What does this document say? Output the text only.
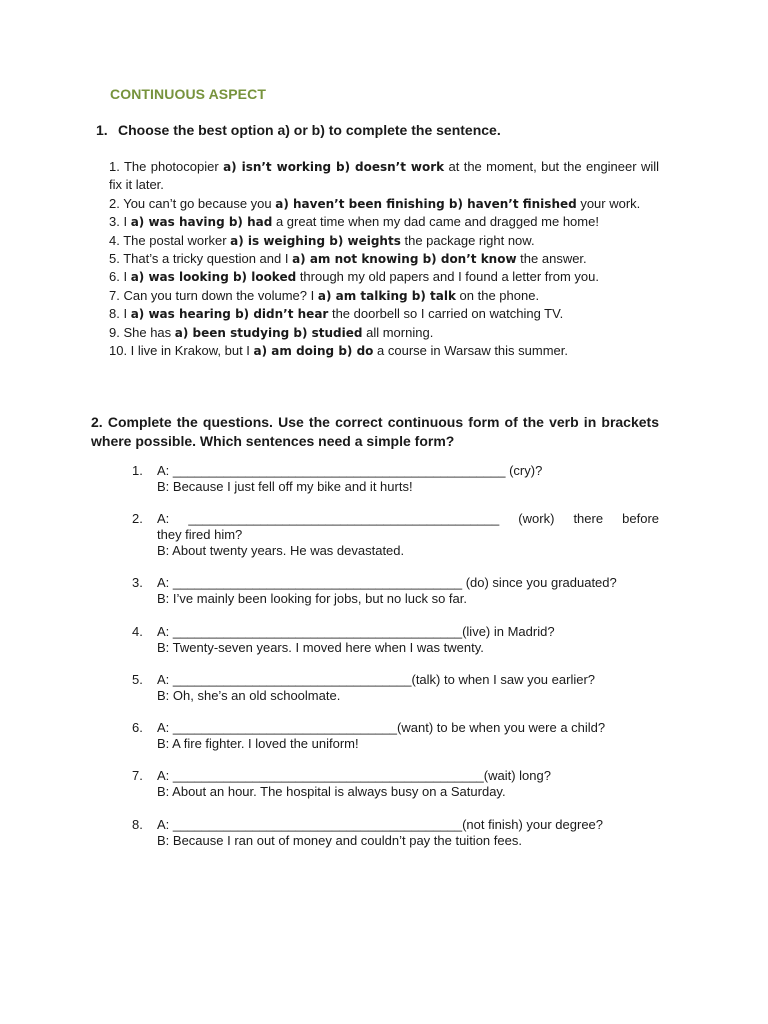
CONTINUOUS ASPECT
1. Choose the best option a) or b) to complete the sentence.
1. The photocopier a) isn’t working b) doesn’t work at the moment, but the engineer will fix it later.
2. You can’t go because you a) haven’t been finishing b) haven’t finished your work.
3. I a) was having b) had a great time when my dad came and dragged me home!
4. The postal worker a) is weighing b) weights the package right now.
5. That’s a tricky question and I a) am not knowing b) don’t know the answer.
6. I a) was looking b) looked through my old papers and I found a letter from you.
7. Can you turn down the volume? I a) am talking b) talk on the phone.
8. I a) was hearing b) didn’t hear the doorbell so I carried on watching TV.
9. She has a) been studying b) studied all morning.
10. I live in Krakow, but I a) am doing b) do a course in Warsaw this summer.
2. Complete the questions. Use the correct continuous form of the verb in brackets where possible. Which sentences need a simple form?
1. A: ______________________________________________ (cry)?
B: Because I just fell off my bike and it hurts!
2. A: ___________________________________________ (work) there before
they fired him?
B: About twenty years. He was devastated.
3. A: ________________________________________ (do) since you graduated?
B: I’ve mainly been looking for jobs, but no luck so far.
4. A: ________________________________________(live) in Madrid?
B: Twenty-seven years. I moved here when I was twenty.
5. A: _________________________________(talk) to when I saw you earlier?
B: Oh, she’s an old schoolmate.
6. A: _______________________________(want) to be when you were a child?
B: A fire fighter. I loved the uniform!
7. A: ___________________________________________(wait) long?
B: About an hour. The hospital is always busy on a Saturday.
8. A: ________________________________________(not finish) your degree?
B: Because I ran out of money and couldn’t pay the tuition fees.
